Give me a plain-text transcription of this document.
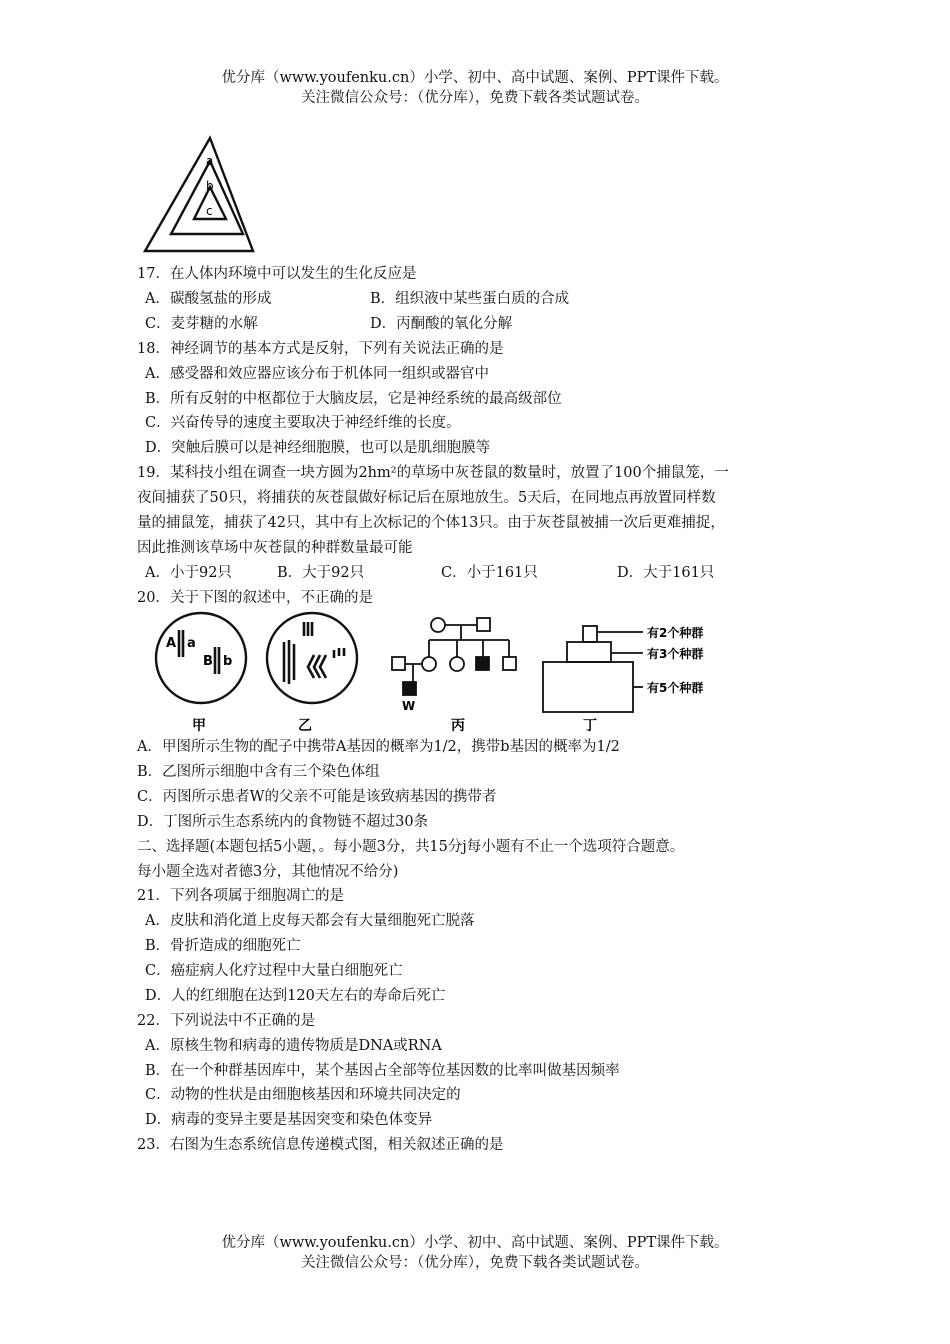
优分库（www.youfenku.cn）小学、初中、高中试题、案例、PPT课件下载。
关注微信公众号：（优分库），免费下载各类试题试卷。
a
b
c
17．在人体内环境中可以发生的生化反应是
A．碳酸氢盐的形成	B．组织液中某些蛋白质的合成
C．麦芽糖的水解	D．丙酮酸的氧化分解
18．神经调节的基本方式是反射，下列有关说法正确的是
A．感受器和效应器应该分布于机体同一组织或器官中
B．所有反射的中枢都位于大脑皮层，它是神经系统的最高级部位
C．兴奋传导的速度主要取决于神经纤维的长度。
D．突触后膜可以是神经细胞膜，也可以是肌细胞膜等
19．某科技小组在调查一块方圆为2hm²的草场中灰苍鼠的数量时，放置了100个捕鼠笼，一
夜间捕获了50只，将捕获的灰苍鼠做好标记后在原地放生。5天后，在同地点再放置同样数
量的捕鼠笼，捕获了42只，其中有上次标记的个体13只。由于灰苍鼠被捕一次后更难捕捉，
因此推测该草场中灰苍鼠的种群数量最可能
A．小于92只	B．大于92只	C．小于161只	D．大于161只
20．关于下图的叙述中，不正确的是
A a
B b
甲	乙
W
丙
有2个种群
有3个种群
有5个种群
丁
A．甲图所示生物的配子中携带A基因的概率为1/2，携带b基因的概率为1/2
B．乙图所示细胞中含有三个染色体组
C．丙图所示患者W的父亲不可能是该致病基因的携带者
D．丁图所示生态系统内的食物链不超过30条
二、选择题(本题包括5小题，。每小题3分，共15分j每小题有不止一个选项符合题意。
每小题全选对者德3分，其他情况不给分)
21．下列各项属于细胞凋亡的是
A．皮肤和消化道上皮每天都会有大量细胞死亡脱落
B．骨折造成的细胞死亡
C．癌症病人化疗过程中大量白细胞死亡
D．人的红细胞在达到120天左右的寿命后死亡
22．下列说法中不正确的是
A．原核生物和病毒的遗传物质是DNA或RNA
B．在一个种群基因库中，某个基因占全部等位基因数的比率叫做基因频率
C．动物的性状是由细胞核基因和环境共同决定的
D．病毒的变异主要是基因突变和染色体变异
23．右图为生态系统信息传递模式图，相关叙述正确的是
优分库（www.youfenku.cn）小学、初中、高中试题、案例、PPT课件下载。
关注微信公众号：（优分库），免费下载各类试题试卷。
